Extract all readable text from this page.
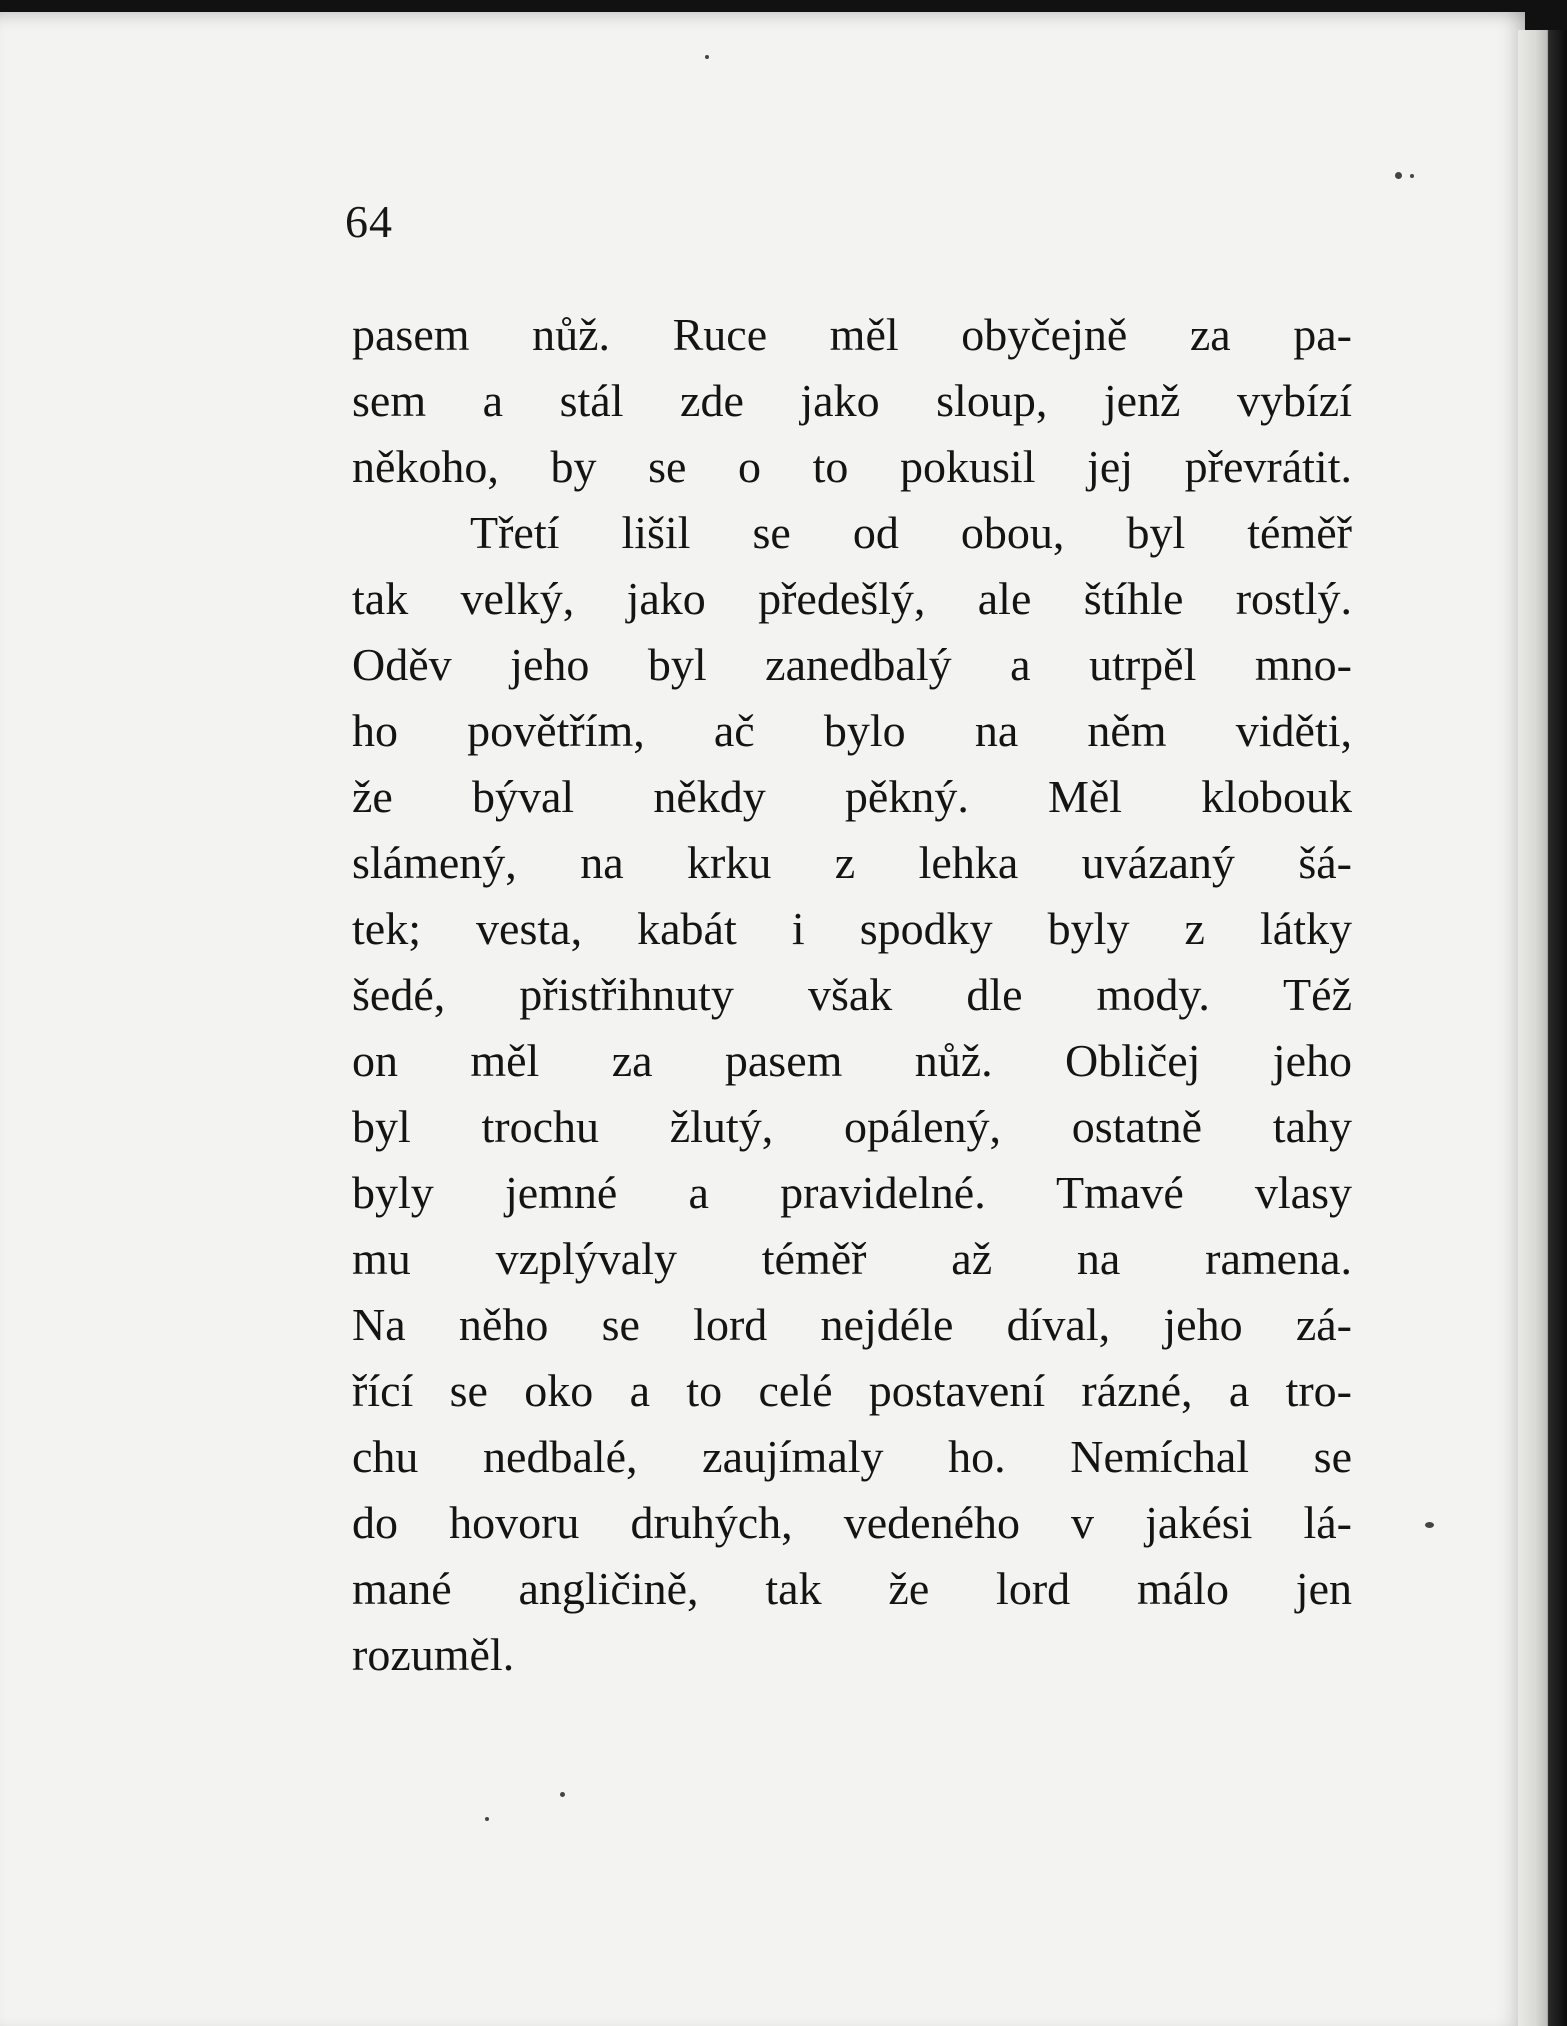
64
pasem nůž. Ruce měl obyčejně za pa-
sem a stál zde jako sloup, jenž vybízí
někoho, by se o to pokusil jej převrátit.
Třetí lišil se od obou, byl téměř
tak velký, jako předešlý, ale štíhle rostlý.
Oděv jeho byl zanedbalý a utrpěl mno-
ho povětřím, ač bylo na něm viděti,
že býval někdy pěkný. Měl klobouk
slámený, na krku z lehka uvázaný šá-
tek; vesta, kabát i spodky byly z látky
šedé, přistřihnuty však dle mody. Též
on měl za pasem nůž. Obličej jeho
byl trochu žlutý, opálený, ostatně tahy
byly jemné a pravidelné. Tmavé vlasy
mu vzplývaly téměř až na ramena.
Na něho se lord nejdéle díval, jeho zá-
řící se oko a to celé postavení rázné, a tro-
chu nedbalé, zaujímaly ho. Nemíchal se
do hovoru druhých, vedeného v jakési lá-
mané angličině, tak že lord málo jen
rozuměl.
